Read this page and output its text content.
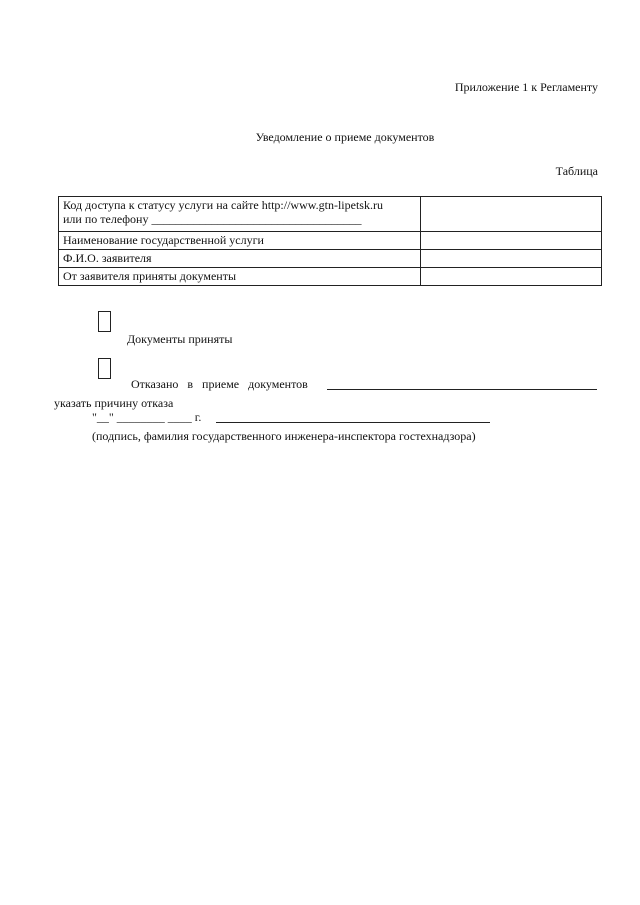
Приложение 1 к Регламенту
Уведомление о приеме документов
Таблица
Код доступа к статусу услуги на сайте http://www.gtn-lipetsk.ru
или по телефону ___________________________________	

Наименование государственной услуги	
Ф.И.О. заявителя	
От заявителя приняты документы	
Документы приняты
Отказано в приеме документов
указать причину отказа
"__" ________ ____ г.
(подпись, фамилия государственного инженера-инспектора гостехнадзора)
